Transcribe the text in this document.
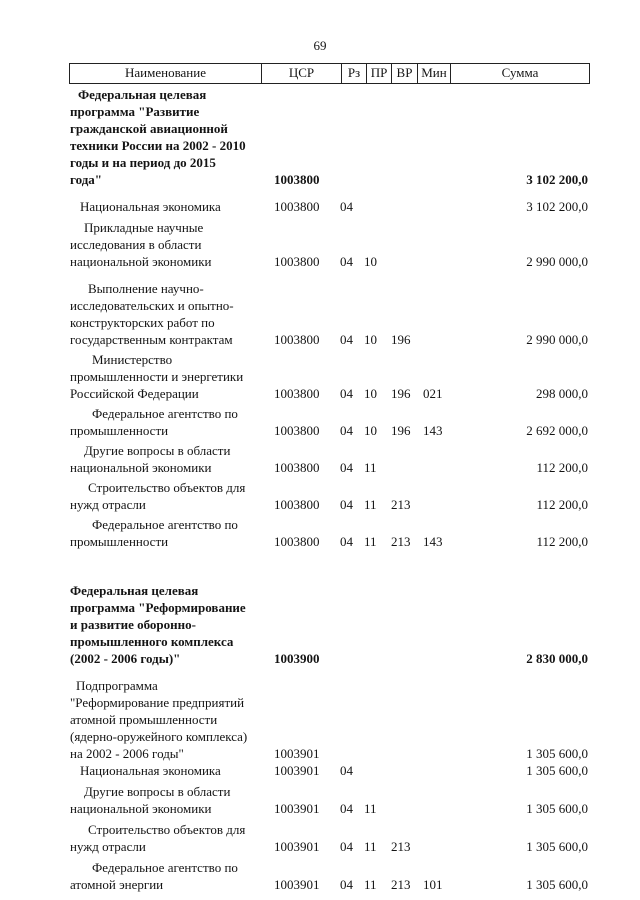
69
Наименование	ЦСР	Рз	ПР	ВР	Мин	Сумма
Федеральная целевая
программа "Развитие
гражданской авиационной
техники России на 2002 - 2010
годы и на период до 2015
года"	1003800	3 102 200,0
Национальная экономика	1003800 04	3 102 200,0
Прикладные научные
исследования в области
национальной экономики	1003800 04 10	2 990 000,0
Выполнение научно-
исследовательских и опытно-
конструкторских работ по
государственным контрактам	1003800 04 10 196	2 990 000,0
Министерство
промышленности и энергетики
Российской Федерации	1003800 04 10 196 021	298 000,0
Федеральное агентство по
промышленности	1003800 04 10 196 143	2 692 000,0
Другие вопросы в области
национальной экономики	1003800 04 11	112 200,0
Строительство объектов для
нужд отрасли	1003800 04 11 213	112 200,0
Федеральное агентство по
промышленности	1003800 04 11 213 143	112 200,0
Федеральная целевая
программа "Реформирование
и развитие оборонно-
промышленного комплекса
(2002 - 2006 годы)"	1003900	2 830 000,0
Подпрограмма
"Реформирование предприятий
атомной промышленности
(ядерно-оружейного комплекса)
на 2002 - 2006 годы"	1003901	1 305 600,0
Национальная экономика	1003901 04	1 305 600,0
Другие вопросы в области
национальной экономики	1003901 04 11	1 305 600,0
Строительство объектов для
нужд отрасли	1003901 04 11 213	1 305 600,0
Федеральное агентство по
атомной энергии	1003901 04 11 213 101	1 305 600,0
